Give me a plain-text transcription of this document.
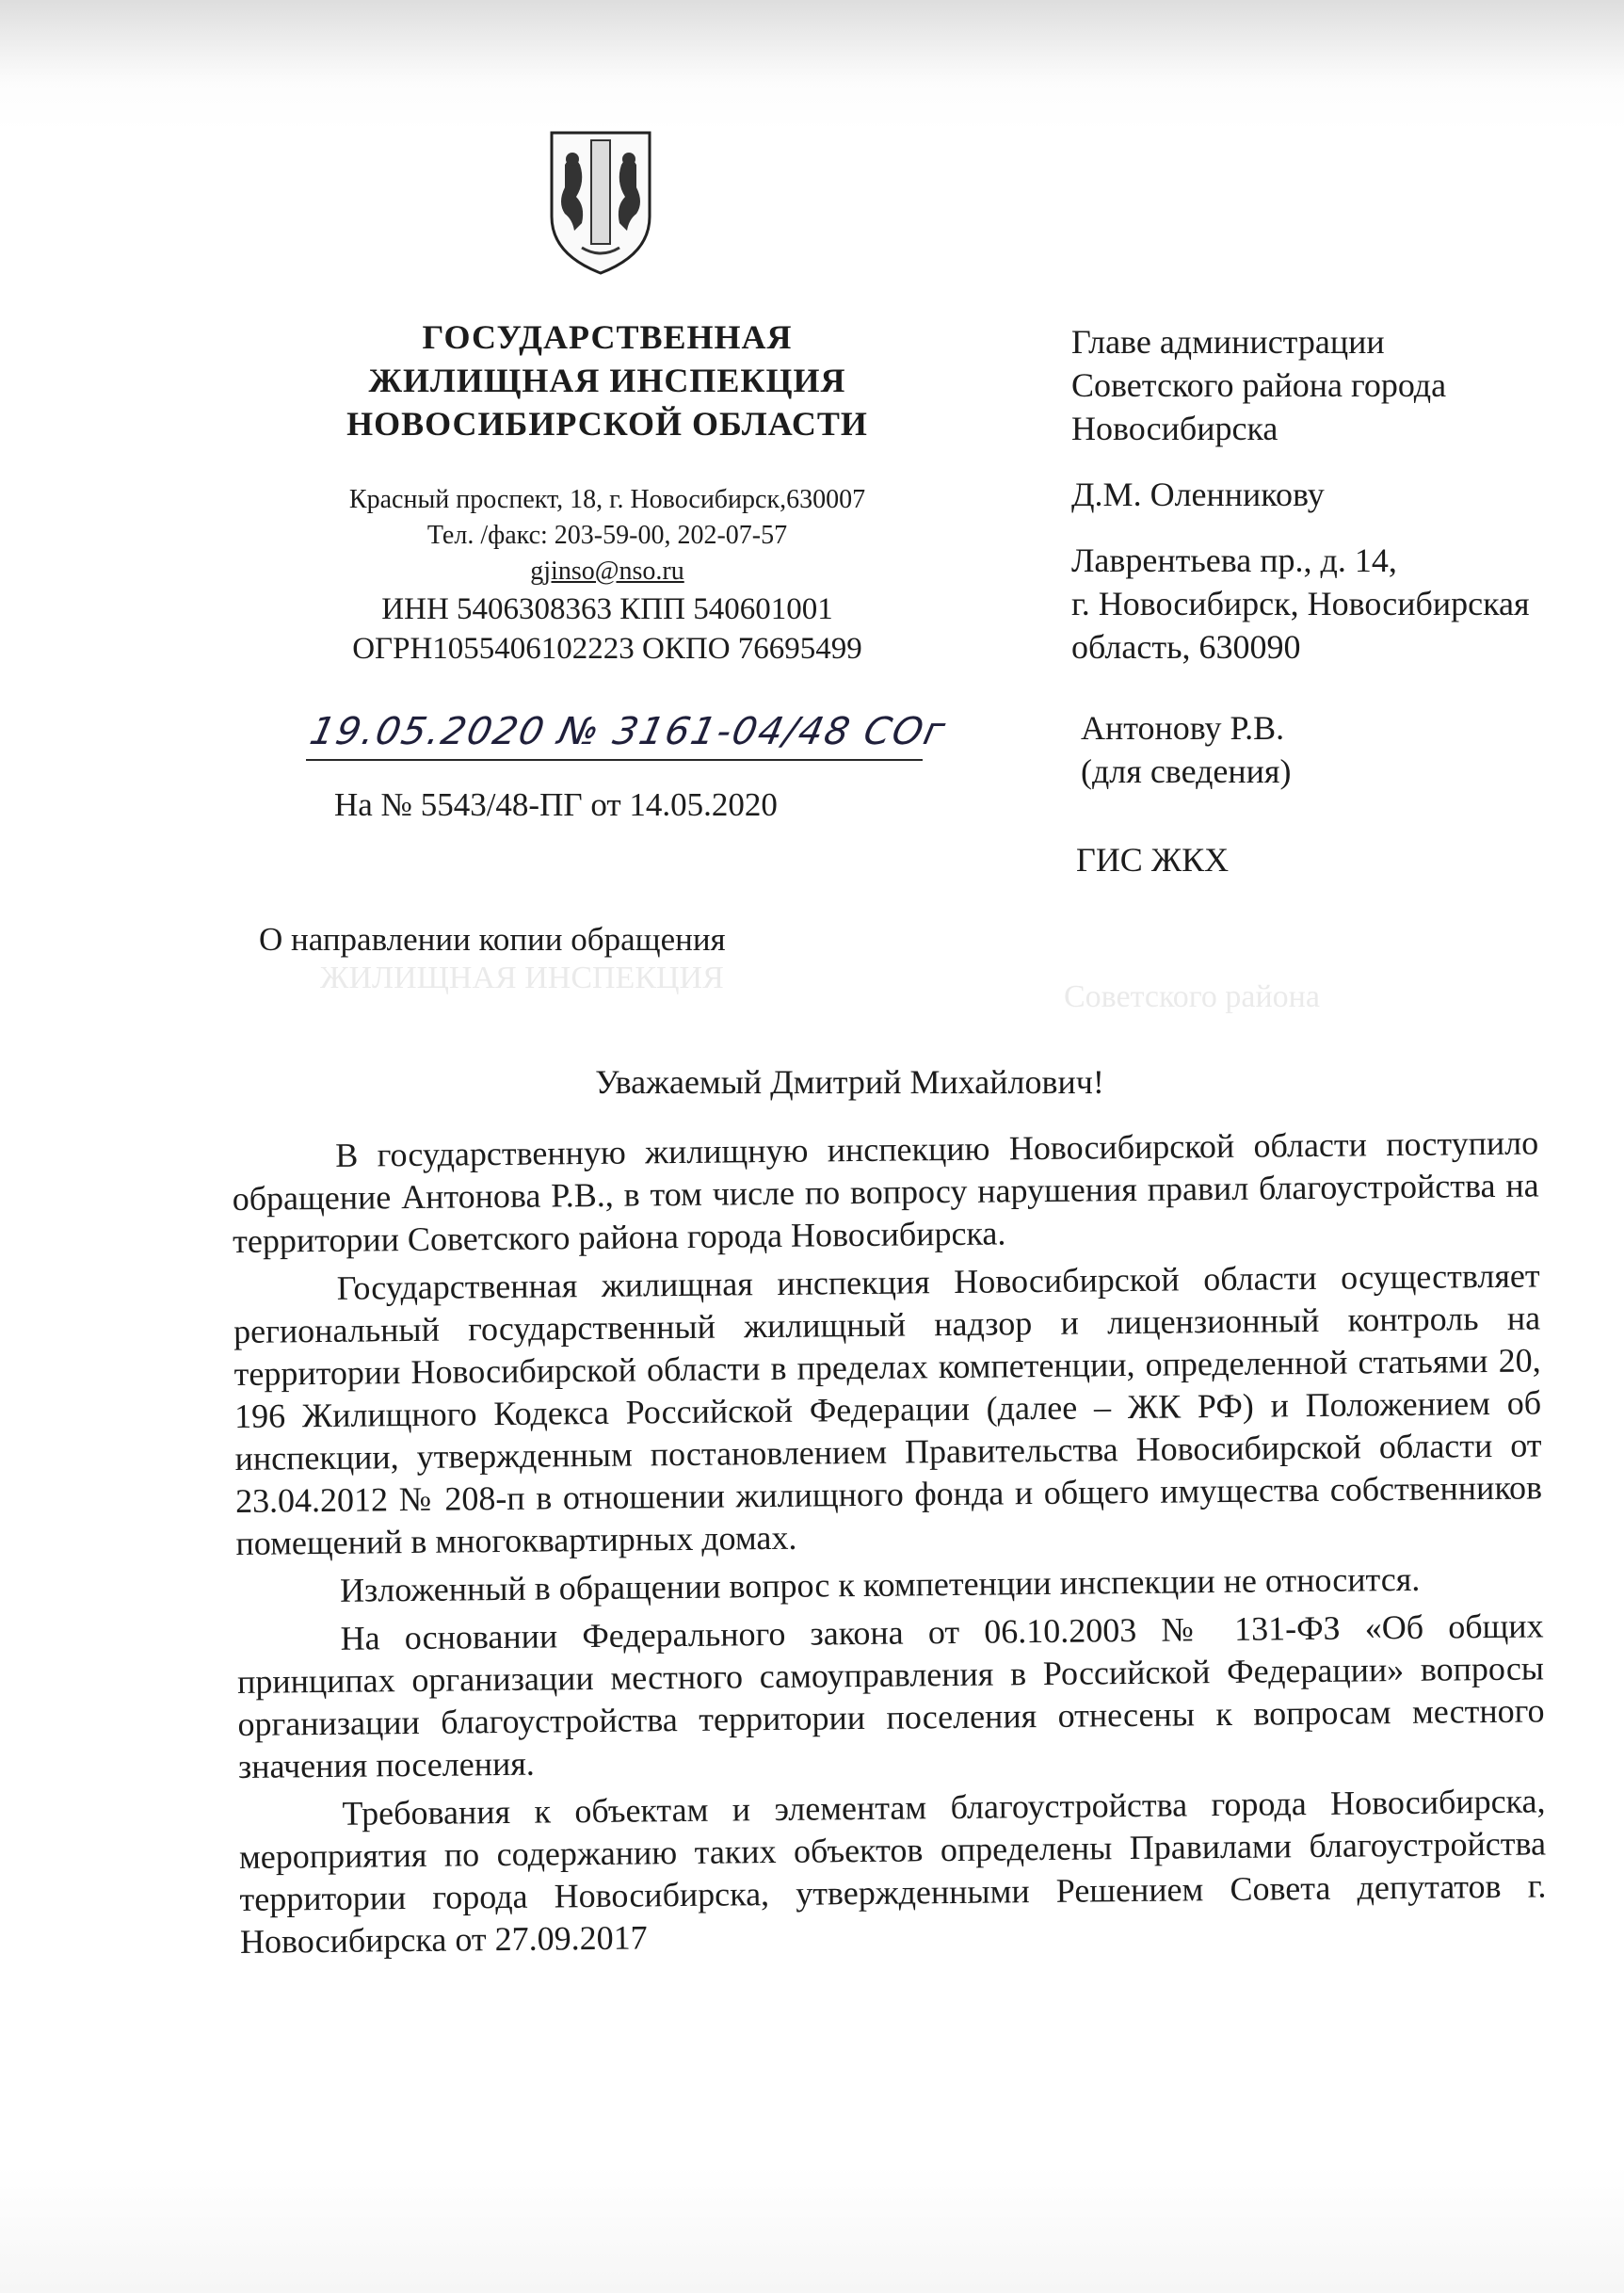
ГОСУДАРСТВЕННАЯ
ЖИЛИЩНАЯ ИНСПЕКЦИЯ
НОВОСИБИРСКОЙ ОБЛАСТИ
Красный проспект, 18, г. Новосибирск,630007
Тел. /факс: 203-59-00, 202-07-57
gjinso@nso.ru
ИНН 5406308363 КПП 540601001
ОГРН1055406102223 ОКПО 76695499
19.05.2020 № 3161-04/48 СОг
На № 5543/48-ПГ от 14.05.2020
Главе администрации
Советского района города
Новосибирска
Д.М. Оленникову
Лаврентьева пр., д. 14,
г. Новосибирск, Новосибирская
область, 630090
Антонову Р.В.
(для сведения)
ГИС ЖКХ
ЖИЛИЩНАЯ ИНСПЕКЦИЯ
Советского района
О направлении копии обращения
Уважаемый Дмитрий Михайлович!

В государственную жилищную инспекцию Новосибирской области поступило обращение Антонова Р.В., в том числе по вопросу нарушения правил благоустройства на территории Советского района города Новосибирска.

Государственная жилищная инспекция Новосибирской области осуществляет региональный государственный жилищный надзор и лицензионный контроль на территории Новосибирской области в пределах компетенции, определенной статьями 20, 196 Жилищного Кодекса Российской Федерации (далее – ЖК РФ) и Положением об инспекции, утвержденным постановлением Правительства Новосибирской области от 23.04.2012 № 208-п в отношении жилищного фонда и общего имущества собственников помещений в многоквартирных домах.

Изложенный в обращении вопрос к компетенции инспекции не относится.

На основании Федерального закона от 06.10.2003 № 131-ФЗ «Об общих принципах организации местного самоуправления в Российской Федерации» вопросы организации благоустройства территории поселения отнесены к вопросам местного значения поселения.

Требования к объектам и элементам благоустройства города Новосибирска, мероприятия по содержанию таких объектов определены Правилами благоустройства территории города Новосибирска, утвержденными Решением Совета депутатов г. Новосибирска от 27.09.2017
